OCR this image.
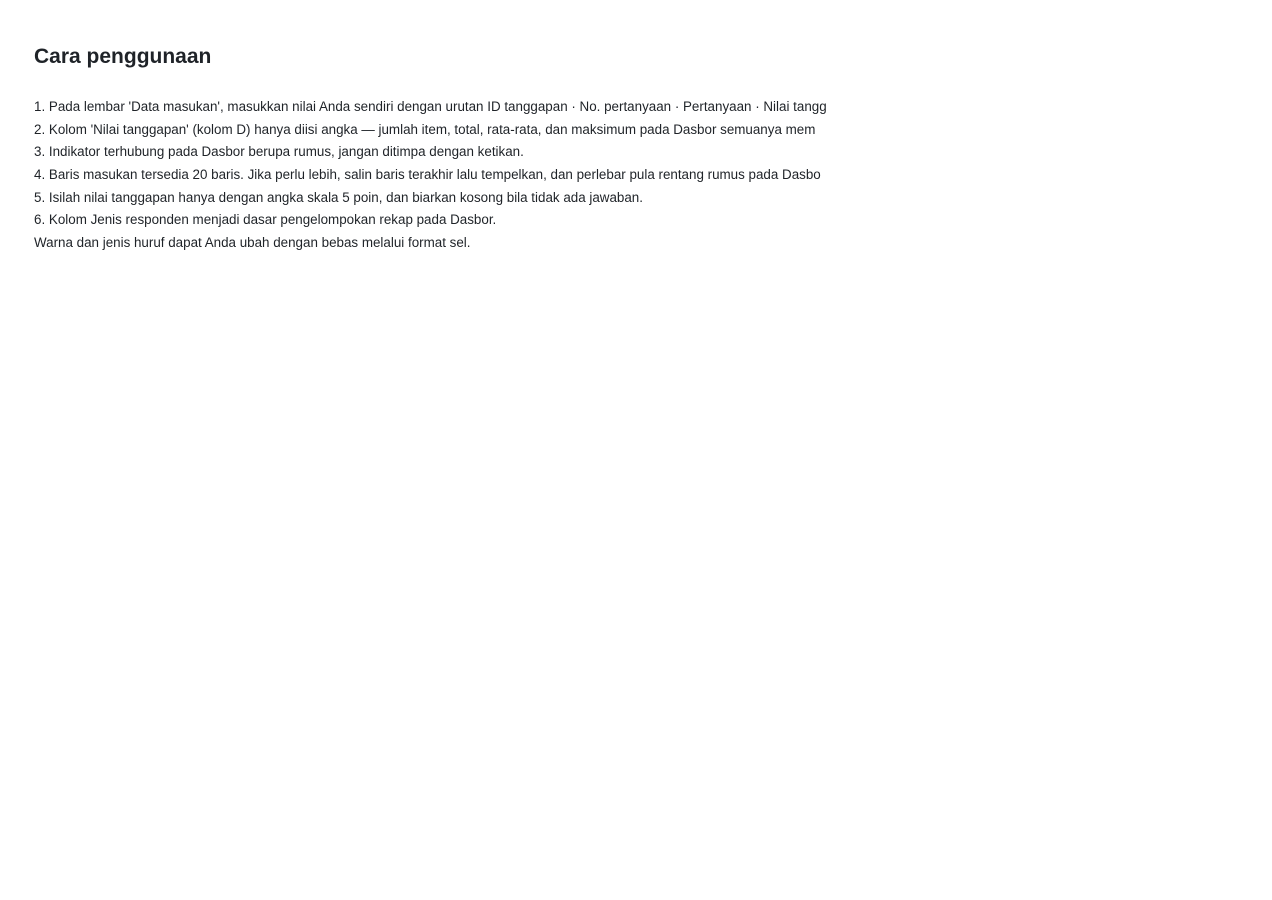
Cara penggunaan
1. Pada lembar 'Data masukan', masukkan nilai Anda sendiri dengan urutan ID tanggapan · No. pertanyaan · Pertanyaan · Nilai tangg
2. Kolom 'Nilai tanggapan' (kolom D) hanya diisi angka — jumlah item, total, rata-rata, dan maksimum pada Dasbor semuanya mem
3. Indikator terhubung pada Dasbor berupa rumus, jangan ditimpa dengan ketikan.
4. Baris masukan tersedia 20 baris. Jika perlu lebih, salin baris terakhir lalu tempelkan, dan perlebar pula rentang rumus pada Dasbo
5. Isilah nilai tanggapan hanya dengan angka skala 5 poin, dan biarkan kosong bila tidak ada jawaban.
6. Kolom Jenis responden menjadi dasar pengelompokan rekap pada Dasbor.
Warna dan jenis huruf dapat Anda ubah dengan bebas melalui format sel.
